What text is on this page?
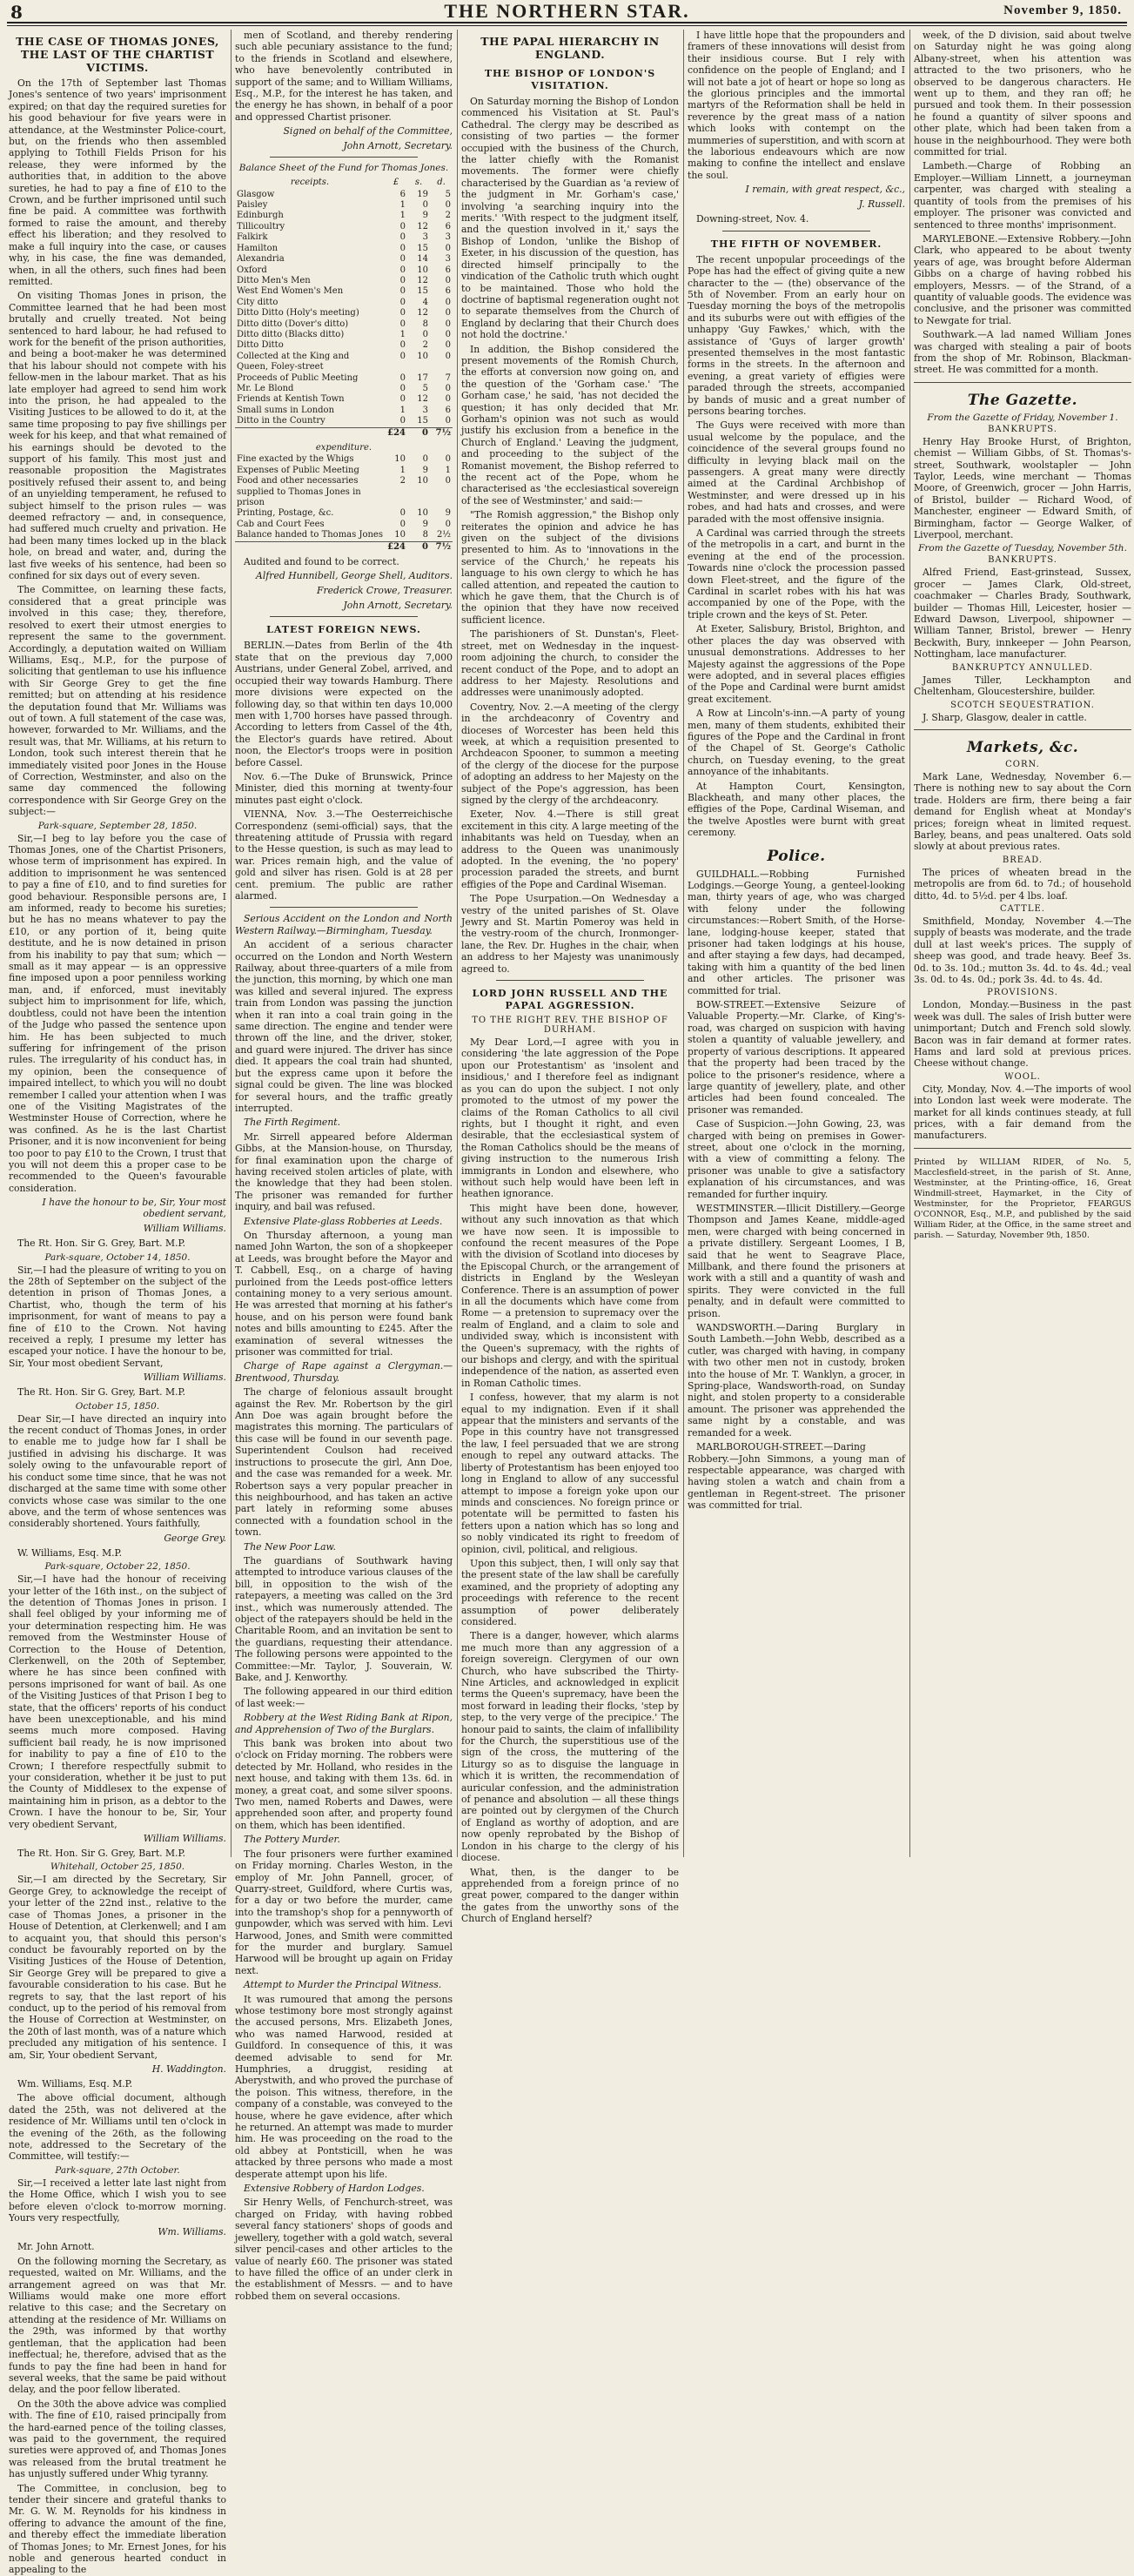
8	THE NORTHERN STAR.	November 9, 1850.
THE CASE OF THOMAS JONES, THE LAST OF THE CHARTIST VICTIMS.

On the 17th of September last Thomas Jones's sentence of two years' imprisonment expired; on that day the required sureties for his good behaviour for five years were in attendance, at the Westminster Police-court, but, on the friends who then assembled applying to Tothill Fields Prison for his release, they were informed by the authorities that, in addition to the above sureties, he had to pay a fine of £10 to the Crown, and be further imprisoned until such fine be paid. A committee was forthwith formed to raise the amount, and thereby effect his liberation; and they resolved to make a full inquiry into the case, or causes why, in his case, the fine was demanded, when, in all the others, such fines had been remitted.

On visiting Thomas Jones in prison, the Committee learned that he had been most brutally and cruelly treated. Not being sentenced to hard labour, he had refused to work for the benefit of the prison authorities, and being a boot-maker he was determined that his labour should not compete with his fellow-men in the labour market. That as his late employer had agreed to send him work into the prison, he had appealed to the Visiting Justices to be allowed to do it, at the same time proposing to pay five shillings per week for his keep, and that what remained of his earnings should be devoted to the support of his family. This most just and reasonable proposition the Magistrates positively refused their assent to, and being of an unyielding temperament, he refused to subject himself to the prison rules — was deemed refractory — and, in consequence, had suffered much cruelty and privation. He had been many times locked up in the black hole, on bread and water, and, during the last five weeks of his sentence, had been so confined for six days out of every seven.

The Committee, on learning these facts, considered that a great principle was involved in this case; they, therefore, resolved to exert their utmost energies to represent the same to the government. Accordingly, a deputation waited on William Williams, Esq., M.P., for the purpose of soliciting that gentleman to use his influence with Sir George Grey to get the fine remitted; but on attending at his residence the deputation found that Mr. Williams was out of town. A full statement of the case was, however, forwarded to Mr. Williams, and the result was, that Mr. Williams, at his return to London, took such interest therein that he immediately visited poor Jones in the House of Correction, Westminster, and also on the same day commenced the following correspondence with Sir George Grey on the subject:—

Park-square, September 28, 1850.

Sir,—I beg to lay before you the case of Thomas Jones, one of the Chartist Prisoners, whose term of imprisonment has expired. In addition to imprisonment he was sentenced to pay a fine of £10, and to find sureties for good behaviour. Responsible persons are, I am informed, ready to become his sureties; but he has no means whatever to pay the £10, or any portion of it, being quite destitute, and he is now detained in prison from his inability to pay that sum; which — small as it may appear — is an oppressive fine imposed upon a poor penniless working man, and, if enforced, must inevitably subject him to imprisonment for life, which, doubtless, could not have been the intention of the Judge who passed the sentence upon him. He has been subjected to much suffering for infringement of the prison rules. The irregularity of his conduct has, in my opinion, been the consequence of impaired intellect, to which you will no doubt remember I called your attention when I was one of the Visiting Magistrates of the Westminster House of Correction, where he was confined. As he is the last Chartist Prisoner, and it is now inconvenient for being too poor to pay £10 to the Crown, I trust that you will not deem this a proper case to be recommended to the Queen's favourable consideration.

I have the honour to be, Sir, Your most obedient servant,
William Williams.

The Rt. Hon. Sir G. Grey, Bart. M.P.

Park-square, October 14, 1850.

Sir,—I had the pleasure of writing to you on the 28th of September on the subject of the detention in prison of Thomas Jones, a Chartist, who, though the term of his imprisonment, for want of means to pay a fine of £10 to the Crown. Not having received a reply, I presume my letter has escaped your notice. I have the honour to be, Sir, Your most obedient Servant,

William Williams.

The Rt. Hon. Sir G. Grey, Bart. M.P.

October 15, 1850.

Dear Sir,—I have directed an inquiry into the recent conduct of Thomas Jones, in order to enable me to judge how far I shall be justified in advising his discharge. It was solely owing to the unfavourable report of his conduct some time since, that he was not discharged at the same time with some other convicts whose case was similar to the one above, and the term of whose sentences was considerably shortened. Yours faithfully,

George Grey.

W. Williams, Esq. M.P.

Park-square, October 22, 1850.

Sir,—I have had the honour of receiving your letter of the 16th inst., on the subject of the detention of Thomas Jones in prison. I shall feel obliged by your informing me of your determination respecting him. He was removed from the Westminster House of Correction to the House of Detention, Clerkenwell, on the 20th of September, where he has since been confined with persons imprisoned for want of bail. As one of the Visiting Justices of that Prison I beg to state, that the officers' reports of his conduct have been unexceptionable, and his mind seems much more composed. Having sufficient bail ready, he is now imprisoned for inability to pay a fine of £10 to the Crown; I therefore respectfully submit to your consideration, whether it be just to put the County of Middlesex to the expense of maintaining him in prison, as a debtor to the Crown. I have the honour to be, Sir, Your very obedient Servant,

William Williams.

The Rt. Hon. Sir G. Grey, Bart. M.P.

Whitehall, October 25, 1850.

Sir,—I am directed by the Secretary, Sir George Grey, to acknowledge the receipt of your letter of the 22nd inst., relative to the case of Thomas Jones, a prisoner in the House of Detention, at Clerkenwell; and I am to acquaint you, that should this person's conduct be favourably reported on by the Visiting Justices of the House of Detention, Sir George Grey will be prepared to give a favourable consideration to his case. But he regrets to say, that the last report of his conduct, up to the period of his removal from the House of Correction at Westminster, on the 20th of last month, was of a nature which precluded any mitigation of his sentence. I am, Sir, Your obedient Servant,

H. Waddington.

Wm. Williams, Esq. M.P.

The above official document, although dated the 25th, was not delivered at the residence of Mr. Williams until ten o'clock in the evening of the 26th, as the following note, addressed to the Secretary of the Committee, will testify:—

Park-square, 27th October.

Sir,—I received a letter late last night from the Home Office, which I wish you to see before eleven o'clock to-morrow morning. Yours very respectfully,

Wm. Williams.

Mr. John Arnott.

On the following morning the Secretary, as requested, waited on Mr. Williams, and the arrangement agreed on was that Mr. Williams would make one more effort relative to this case; and the Secretary on attending at the residence of Mr. Williams on the 29th, was informed by that worthy gentleman, that the application had been ineffectual; he, therefore, advised that as the funds to pay the fine had been in hand for several weeks, that the same be paid without delay, and the poor fellow liberated.

On the 30th the above advice was complied with. The fine of £10, raised principally from the hard-earned pence of the toiling classes, was paid to the government, the required sureties were approved of, and Thomas Jones was released from the brutal treatment he has unjustly suffered under Whig tyranny.

The Committee, in conclusion, beg to tender their sincere and grateful thanks to Mr. G. W. M. Reynolds for his kindness in offering to advance the amount of the fine, and thereby effect the immediate liberation of Thomas Jones; to Mr. Ernest Jones, for his noble and generous hearted conduct in appealing to the

men of Scotland, and thereby rendering such able pecuniary assistance to the fund; to the friends in Scotland and elsewhere, who have benevolently contributed in support of the same; and to William Williams, Esq., M.P., for the interest he has taken, and the energy he has shown, in behalf of a poor and oppressed Chartist prisoner.

Signed on behalf of the Committee,
John Arnott, Secretary.
Balance Sheet of the Fund for Thomas Jones.
receipts.	£	s.	d.
Glasgow	6	19	5
Paisley	1	0	0
Edinburgh	1	9	2
Tillicoultry	0	12	6
Falkirk	0	3	3
Hamilton	0	15	0
Alexandria	0	14	3
Oxford	0	10	6
Ditto Men's Men	0	12	0
West End Women's Men	0	15	6
City ditto	0	4	0
Ditto Ditto (Holy's meeting)	0	12	0
Ditto ditto (Dover's ditto)	0	8	0
Ditto ditto (Blacks ditto)	1	0	0
Ditto Ditto	0	2	0
Collected at the King and Queen, Foley-street	0	10	0
Proceeds of Public Meeting	0	17	7
Mr. Le Blond	0	5	0
Friends at Kentish Town	0	12	0
Small sums in London	1	3	6
Ditto in the Country	0	15	0
	£24	0	7½
expenditure.			
Fine exacted by the Whigs	10	0	0
Expenses of Public Meeting	1	9	1
Food and other necessaries supplied to Thomas Jones in prison	2	10	0
Printing, Postage, &c.	0	10	9
Cab and Court Fees	0	9	0
Balance handed to Thomas Jones	10	8	2½
	£24	0	7½

Audited and found to be correct.

Alfred Hunnibell, George Shell, Auditors.
Frederick Crowe, Treasurer.
John Arnott, Secretary.
LATEST FOREIGN NEWS.

BERLIN.—Dates from Berlin of the 4th state that on the previous day 7,000 Austrians, under General Zobel, arrived, and occupied their way towards Hamburg. There more divisions were expected on the following day, so that within ten days 10,000 men with 1,700 horses have passed through. According to letters from Cassel of the 4th, the Elector's guards have retired. About noon, the Elector's troops were in position before Cassel.

Nov. 6.—The Duke of Brunswick, Prince Minister, died this morning at twenty-four minutes past eight o'clock.

VIENNA, Nov. 3.—The Oesterreichische Correspondenz (semi-official) says, that the threatening attitude of Prussia with regard to the Hesse question, is such as may lead to war. Prices remain high, and the value of gold and silver has risen. Gold is at 28 per cent. premium. The public are rather alarmed.

Serious Accident on the London and North Western Railway.—Birmingham, Tuesday.

An accident of a serious character occurred on the London and North Western Railway, about three-quarters of a mile from the junction, this morning, by which one man was killed and several injured. The express train from London was passing the junction when it ran into a coal train going in the same direction. The engine and tender were thrown off the line, and the driver, stoker, and guard were injured. The driver has since died. It appears the coal train had shunted, but the express came upon it before the signal could be given. The line was blocked for several hours, and the traffic greatly interrupted.

The Firth Regiment.

Mr. Sirrell appeared before Alderman Gibbs, at the Mansion-house, on Thursday, for final examination upon the charge of having received stolen articles of plate, with the knowledge that they had been stolen. The prisoner was remanded for further inquiry, and bail was refused.

Extensive Plate-glass Robberies at Leeds.

On Thursday afternoon, a young man named John Warton, the son of a shopkeeper at Leeds, was brought before the Mayor and T. Cabbell, Esq., on a charge of having purloined from the Leeds post-office letters containing money to a very serious amount. He was arrested that morning at his father's house, and on his person were found bank notes and bills amounting to £245. After the examination of several witnesses the prisoner was committed for trial.

Charge of Rape against a Clergyman.—Brentwood, Thursday.

The charge of felonious assault brought against the Rev. Mr. Robertson by the girl Ann Doe was again brought before the magistrates this morning. The particulars of this case will be found in our seventh page. Superintendent Coulson had received instructions to prosecute the girl, Ann Doe, and the case was remanded for a week. Mr. Robertson says a very popular preacher in this neighbourhood, and has taken an active part lately in reforming some abuses connected with a foundation school in the town.

The New Poor Law.

The guardians of Southwark having attempted to introduce various clauses of the bill, in opposition to the wish of the ratepayers, a meeting was called on the 3rd inst., which was numerously attended. The object of the ratepayers should be held in the Charitable Room, and an invitation be sent to the guardians, requesting their attendance. The following persons were appointed to the Committee:—Mr. Taylor, J. Souverain, W. Bake, and J. Kenworthy.

The following appeared in our third edition of last week:—

Robbery at the West Riding Bank at Ripon, and Apprehension of Two of the Burglars.

This bank was broken into about two o'clock on Friday morning. The robbers were detected by Mr. Holland, who resides in the next house, and taking with them 13s. 6d. in money, a great coat, and some silver spoons. Two men, named Roberts and Dawes, were apprehended soon after, and property found on them, which has been identified.

The Pottery Murder.

The four prisoners were further examined on Friday morning. Charles Weston, in the employ of Mr. John Pannell, grocer, of Quarry-street, Guildford, where Curtis was, for a day or two before the murder, came into the tramshop's shop for a pennyworth of gunpowder, which was served with him. Levi Harwood, Jones, and Smith were committed for the murder and burglary. Samuel Harwood will be brought up again on Friday next.

Attempt to Murder the Principal Witness.

It was rumoured that among the persons whose testimony bore most strongly against the accused persons, Mrs. Elizabeth Jones, who was named Harwood, resided at Guildford. In consequence of this, it was deemed advisable to send for Mr. Humphries, a druggist, residing at Aberystwith, and who proved the purchase of the poison. This witness, therefore, in the company of a constable, was conveyed to the house, where he gave evidence, after which he returned. An attempt was made to murder him. He was proceeding on the road to the old abbey at Pontsticill, when he was attacked by three persons who made a most desperate attempt upon his life.

Extensive Robbery of Hardon Lodges.

Sir Henry Wells, of Fenchurch-street, was charged on Friday, with having robbed several fancy stationers' shops of goods and jewellery, together with a gold watch, several silver pencil-cases and other articles to the value of nearly £60. The prisoner was stated to have filled the office of an under clerk in the establishment of Messrs. — and to have robbed them on several occasions.

THE PAPAL HIERARCHY IN ENGLAND.
THE BISHOP OF LONDON'S VISITATION.

On Saturday morning the Bishop of London commenced his Visitation at St. Paul's Cathedral. The clergy may be described as consisting of two parties — the former occupied with the business of the Church, the latter chiefly with the Romanist movements. The former were chiefly characterised by the Guardian as 'a review of the judgment in Mr. Gorham's case,' involving 'a searching inquiry into the merits.' 'With respect to the judgment itself, and the question involved in it,' says the Bishop of London, 'unlike the Bishop of Exeter, in his discussion of the question, has directed himself principally to the vindication of the Catholic truth which ought to be maintained. Those who hold the doctrine of baptismal regeneration ought not to separate themselves from the Church of England by declaring that their Church does not hold the doctrine.'

In addition, the Bishop considered the present movements of the Romish Church, the efforts at conversion now going on, and the question of the 'Gorham case.' 'The Gorham case,' he said, 'has not decided the question; it has only decided that Mr. Gorham's opinion was not such as would justify his exclusion from a benefice in the Church of England.' Leaving the judgment, and proceeding to the subject of the Romanist movement, the Bishop referred to the recent act of the Pope, whom he characterised as 'the ecclesiastical sovereign of the see of Westminster,' and said:—

"The Romish aggression," the Bishop only reiterates the opinion and advice he has given on the subject of the divisions presented to him. As to 'innovations in the service of the Church,' he repeats his language to his own clergy to which he has called attention, and repeated the caution to which he gave them, that the Church is of the opinion that they have now received sufficient licence.

The parishioners of St. Dunstan's, Fleet-street, met on Wednesday in the inquest-room adjoining the church, to consider the recent conduct of the Pope, and to adopt an address to her Majesty. Resolutions and addresses were unanimously adopted.

Coventry, Nov. 2.—A meeting of the clergy in the archdeaconry of Coventry and dioceses of Worcester has been held this week, at which a requisition presented to Archdeacon Spooner, to summon a meeting of the clergy of the diocese for the purpose of adopting an address to her Majesty on the subject of the Pope's aggression, has been signed by the clergy of the archdeaconry.

Exeter, Nov. 4.—There is still great excitement in this city. A large meeting of the inhabitants was held on Tuesday, when an address to the Queen was unanimously adopted. In the evening, the 'no popery' procession paraded the streets, and burnt effigies of the Pope and Cardinal Wiseman.

The Pope Usurpation.—On Wednesday a vestry of the united parishes of St. Olave Jewry and St. Martin Pomeroy was held in the vestry-room of the church, Ironmonger-lane, the Rev. Dr. Hughes in the chair, when an address to her Majesty was unanimously agreed to.

LORD JOHN RUSSELL AND THE PAPAL AGGRESSION.
TO THE RIGHT REV. THE BISHOP OF DURHAM.

My Dear Lord,—I agree with you in considering 'the late aggression of the Pope upon our Protestantism' as 'insolent and insidious,' and I therefore feel as indignant as you can do upon the subject. I not only promoted to the utmost of my power the claims of the Roman Catholics to all civil rights, but I thought it right, and even desirable, that the ecclesiastical system of the Roman Catholics should be the means of giving instruction to the numerous Irish immigrants in London and elsewhere, who without such help would have been left in heathen ignorance.

This might have been done, however, without any such innovation as that which we have now seen. It is impossible to confound the recent measures of the Pope with the division of Scotland into dioceses by the Episcopal Church, or the arrangement of districts in England by the Wesleyan Conference. There is an assumption of power in all the documents which have come from Rome — a pretension to supremacy over the realm of England, and a claim to sole and undivided sway, which is inconsistent with the Queen's supremacy, with the rights of our bishops and clergy, and with the spiritual independence of the nation, as asserted even in Roman Catholic times.

I confess, however, that my alarm is not equal to my indignation. Even if it shall appear that the ministers and servants of the Pope in this country have not transgressed the law, I feel persuaded that we are strong enough to repel any outward attacks. The liberty of Protestantism has been enjoyed too long in England to allow of any successful attempt to impose a foreign yoke upon our minds and consciences. No foreign prince or potentate will be permitted to fasten his fetters upon a nation which has so long and so nobly vindicated its right to freedom of opinion, civil, political, and religious.

Upon this subject, then, I will only say that the present state of the law shall be carefully examined, and the propriety of adopting any proceedings with reference to the recent assumption of power deliberately considered.

There is a danger, however, which alarms me much more than any aggression of a foreign sovereign. Clergymen of our own Church, who have subscribed the Thirty-Nine Articles, and acknowledged in explicit terms the Queen's supremacy, have been the most forward in leading their flocks, 'step by step, to the very verge of the precipice.' The honour paid to saints, the claim of infallibility for the Church, the superstitious use of the sign of the cross, the muttering of the Liturgy so as to disguise the language in which it is written, the recommendation of auricular confession, and the administration of penance and absolution — all these things are pointed out by clergymen of the Church of England as worthy of adoption, and are now openly reprobated by the Bishop of London in his charge to the clergy of his diocese.

What, then, is the danger to be apprehended from a foreign prince of no great power, compared to the danger within the gates from the unworthy sons of the Church of England herself?

I have little hope that the propounders and framers of these innovations will desist from their insidious course. But I rely with confidence on the people of England; and I will not bate a jot of heart or hope so long as the glorious principles and the immortal martyrs of the Reformation shall be held in reverence by the great mass of a nation which looks with contempt on the mummeries of superstition, and with scorn at the laborious endeavours which are now making to confine the intellect and enslave the soul.

I remain, with great respect, &c.,
J. Russell.

Downing-street, Nov. 4.

THE FIFTH OF NOVEMBER.

The recent unpopular proceedings of the Pope has had the effect of giving quite a new character to the — (the) observance of the 5th of November. From an early hour on Tuesday morning the boys of the metropolis and its suburbs were out with effigies of the unhappy 'Guy Fawkes,' which, with the assistance of 'Guys of larger growth' presented themselves in the most fantastic forms in the streets. In the afternoon and evening, a great variety of effigies were paraded through the streets, accompanied by bands of music and a great number of persons bearing torches.

The Guys were received with more than usual welcome by the populace, and the coincidence of the several groups found no difficulty in levying black mail on the passengers. A great many were directly aimed at the Cardinal Archbishop of Westminster, and were dressed up in his robes, and had hats and crosses, and were paraded with the most offensive insignia.

A Cardinal was carried through the streets of the metropolis in a cart, and burnt in the evening at the end of the procession. Towards nine o'clock the procession passed down Fleet-street, and the figure of the Cardinal in scarlet robes with his hat was accompanied by one of the Pope, with the triple crown and the keys of St. Peter.

At Exeter, Salisbury, Bristol, Brighton, and other places the day was observed with unusual demonstrations. Addresses to her Majesty against the aggressions of the Pope were adopted, and in several places effigies of the Pope and Cardinal were burnt amidst great excitement.

A Row at Lincoln's-inn.—A party of young men, many of them students, exhibited their figures of the Pope and the Cardinal in front of the Chapel of St. George's Catholic church, on Tuesday evening, to the great annoyance of the inhabitants.

At Hampton Court, Kensington, Blackheath, and many other places, the effigies of the Pope, Cardinal Wiseman, and the twelve Apostles were burnt with great ceremony.

Police.

GUILDHALL.—Robbing Furnished Lodgings.—George Young, a genteel-looking man, thirty years of age, who was charged with felony under the following circumstances:—Robert Smith, of the Horse-lane, lodging-house keeper, stated that prisoner had taken lodgings at his house, and after staying a few days, had decamped, taking with him a quantity of the bed linen and other articles. The prisoner was committed for trial.

BOW-STREET.—Extensive Seizure of Valuable Property.—Mr. Clarke, of King's-road, was charged on suspicion with having stolen a quantity of valuable jewellery, and property of various descriptions. It appeared that the property had been traced by the police to the prisoner's residence, where a large quantity of jewellery, plate, and other articles had been found concealed. The prisoner was remanded.

Case of Suspicion.—John Gowing, 23, was charged with being on premises in Gower-street, about one o'clock in the morning, with a view of committing a felony. The prisoner was unable to give a satisfactory explanation of his circumstances, and was remanded for further inquiry.

WESTMINSTER.—Illicit Distillery.—George Thompson and James Keane, middle-aged men, were charged with being concerned in a private distillery. Sergeant Loomes, I B, said that he went to Seagrave Place, Millbank, and there found the prisoners at work with a still and a quantity of wash and spirits. They were convicted in the full penalty, and in default were committed to prison.

WANDSWORTH.—Daring Burglary in South Lambeth.—John Webb, described as a cutler, was charged with having, in company with two other men not in custody, broken into the house of Mr. T. Wanklyn, a grocer, in Spring-place, Wandsworth-road, on Sunday night, and stolen property to a considerable amount. The prisoner was apprehended the same night by a constable, and was remanded for a week.

MARLBOROUGH-STREET.—Daring Robbery.—John Simmons, a young man of respectable appearance, was charged with having stolen a watch and chain from a gentleman in Regent-street. The prisoner was committed for trial.

week, of the D division, said about twelve on Saturday night he was going along Albany-street, when his attention was attracted to the two prisoners, who he observed to be dangerous characters. He went up to them, and they ran off; he pursued and took them. In their possession he found a quantity of silver spoons and other plate, which had been taken from a house in the neighbourhood. They were both committed for trial.

Lambeth.—Charge of Robbing an Employer.—William Linnett, a journeyman carpenter, was charged with stealing a quantity of tools from the premises of his employer. The prisoner was convicted and sentenced to three months' imprisonment.

MARYLEBONE.—Extensive Robbery.—John Clark, who appeared to be about twenty years of age, was brought before Alderman Gibbs on a charge of having robbed his employers, Messrs. — of the Strand, of a quantity of valuable goods. The evidence was conclusive, and the prisoner was committed to Newgate for trial.

Southwark.—A lad named William Jones was charged with stealing a pair of boots from the shop of Mr. Robinson, Blackman-street. He was committed for a month.

The Gazette.
From the Gazette of Friday, November 1.
BANKRUPTS.

Henry Hay Brooke Hurst, of Brighton, chemist — William Gibbs, of St. Thomas's-street, Southwark, woolstapler — John Taylor, Leeds, wine merchant — Thomas Moore, of Greenwich, grocer — John Harris, of Bristol, builder — Richard Wood, of Manchester, engineer — Edward Smith, of Birmingham, factor — George Walker, of Liverpool, merchant.

From the Gazette of Tuesday, November 5th.
BANKRUPTS.

Alfred Friend, East-grinstead, Sussex, grocer — James Clark, Old-street, coachmaker — Charles Brady, Southwark, builder — Thomas Hill, Leicester, hosier — Edward Dawson, Liverpool, shipowner — William Tanner, Bristol, brewer — Henry Beckwith, Bury, innkeeper — John Pearson, Nottingham, lace manufacturer.

BANKRUPTCY ANNULLED.

James Tiller, Leckhampton and Cheltenham, Gloucestershire, builder.

SCOTCH SEQUESTRATION.

J. Sharp, Glasgow, dealer in cattle.

Markets, &c.
CORN.

Mark Lane, Wednesday, November 6.—There is nothing new to say about the Corn trade. Holders are firm, there being a fair demand for English wheat at Monday's prices; foreign wheat in limited request. Barley, beans, and peas unaltered. Oats sold slowly at about previous rates.

BREAD.

The prices of wheaten bread in the metropolis are from 6d. to 7d.; of household ditto, 4d. to 5½d. per 4 lbs. loaf.

CATTLE.

Smithfield, Monday, November 4.—The supply of beasts was moderate, and the trade dull at last week's prices. The supply of sheep was good, and trade heavy. Beef 3s. 0d. to 3s. 10d.; mutton 3s. 4d. to 4s. 4d.; veal 3s. 0d. to 4s. 0d.; pork 3s. 4d. to 4s. 4d.

PROVISIONS.

London, Monday.—Business in the past week was dull. The sales of Irish butter were unimportant; Dutch and French sold slowly. Bacon was in fair demand at former rates. Hams and lard sold at previous prices. Cheese without change.

WOOL.

City, Monday, Nov. 4.—The imports of wool into London last week were moderate. The market for all kinds continues steady, at full prices, with a fair demand from the manufacturers.

Printed by WILLIAM RIDER, of No. 5, Macclesfield-street, in the parish of St. Anne, Westminster, at the Printing-office, 16, Great Windmill-street, Haymarket, in the City of Westminster, for the Proprietor, FEARGUS O'CONNOR, Esq., M.P., and published by the said William Rider, at the Office, in the same street and parish. — Saturday, November 9th, 1850.
